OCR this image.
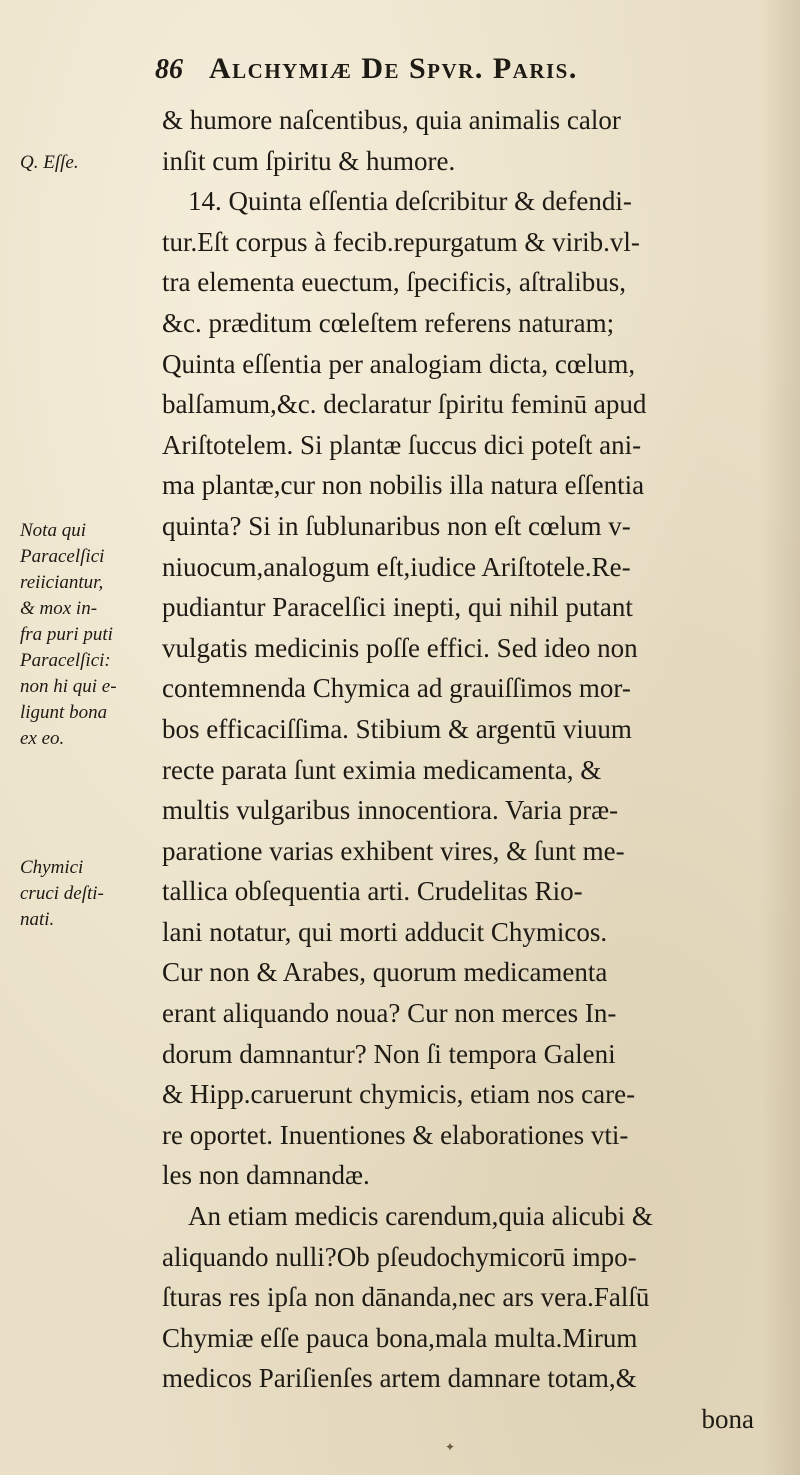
86 Alchymiæ De Spvr. Paris.
Q. Eſſe.
Nota qui
Paracelſici
reiiciantur,
& mox in-
fra puri puti
Paracelſici:
non hi qui e-
ligunt bona
ex eo.
Chymici
cruci deſti-
nati.
& humore naſcentibus, quia animalis calor
inſit cum ſpiritu & humore.
14. Quinta eſſentia deſcribitur & defendi-
tur.Eſt corpus à fecib.repurgatum & virib.vl-
tra elementa euectum, ſpecificis, aſtralibus,
&c. præditum cœleſtem referens naturam;
Quinta eſſentia per analogiam dicta, cœlum,
balſamum,&c. declaratur ſpiritu feminū apud
Ariſtotelem. Si plantæ ſuccus dici poteſt ani-
ma plantæ,cur non nobilis illa natura eſſentia
quinta? Si in ſublunaribus non eſt cœlum v-
niuocum,analogum eſt,iudice Ariſtotele.Re-
pudiantur Paracelſici inepti, qui nihil putant
vulgatis medicinis poſſe effici. Sed ideo non
contemnenda Chymica ad grauiſſimos mor-
bos efficaciſſima. Stibium & argentū viuum
recte parata ſunt eximia medicamenta, &
multis vulgaribus innocentiora. Varia præ-
paratione varias exhibent vires, & ſunt me-
tallica obſequentia arti. Crudelitas Rio-
lani notatur, qui morti adducit Chymicos.
Cur non & Arabes, quorum medicamenta
erant aliquando noua? Cur non merces In-
dorum damnantur? Non ſi tempora Galeni
& Hipp.caruerunt chymicis, etiam nos care-
re oportet. Inuentiones & elaborationes vti-
les non damnandæ.
An etiam medicis carendum,quia alicubi &
aliquando nulli?Ob pſeudochymicorū impo-
ſturas res ipſa non dānanda,nec ars vera.Falſū
Chymiæ eſſe pauca bona,mala multa.Mirum
medicos Pariſienſes artem damnare totam,&
bona
✦
